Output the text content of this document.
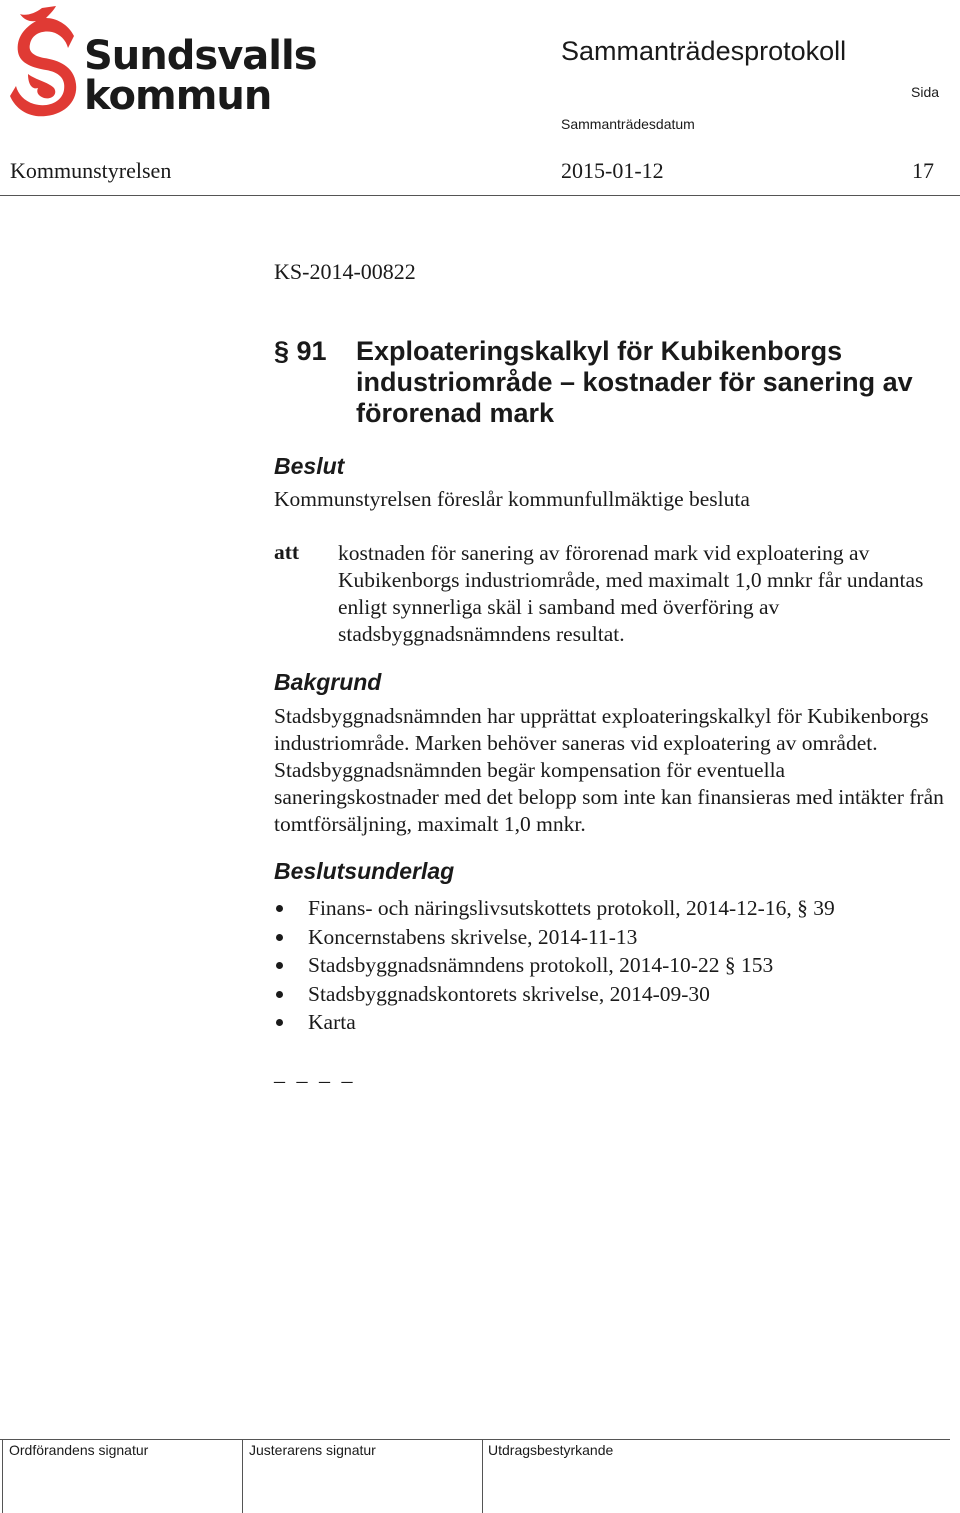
Sundsvalls
kommun
Sammanträdesprotokoll
Sida
Sammanträdesdatum
Kommunstyrelsen	2015-01-12	17
KS-2014-00822
§ 91 Exploateringskalkyl för Kubikenborgs industriområde – kostnader för sanering av förorenad mark
Beslut
Kommunstyrelsen föreslår kommunfullmäktige besluta
att kostnaden för sanering av förorenad mark vid exploatering av Kubikenborgs industriområde, med maximalt 1,0 mnkr får undantas enligt synnerliga skäl i samband med överföring av stadsbyggnadsnämndens resultat.
Bakgrund
Stadsbyggnadsnämnden har upprättat exploateringskalkyl för Kubikenborgs industriområde. Marken behöver saneras vid exploatering av området. Stadsbyggnadsnämnden begär kompensation för eventuella saneringskostnader med det belopp som inte kan finansieras med intäkter från tomtförsäljning, maximalt 1,0 mnkr.
Beslutsunderlag
Finans- och näringslivsutskottets protokoll, 2014-12-16, § 39
Koncernstabens skrivelse, 2014-11-13
Stadsbyggnadsnämndens protokoll, 2014-10-22 § 153
Stadsbyggnadskontorets skrivelse, 2014-09-30
Karta
_ _ _ _
Ordförandens signatur	Justerarens signatur	Utdragsbestyrkande
